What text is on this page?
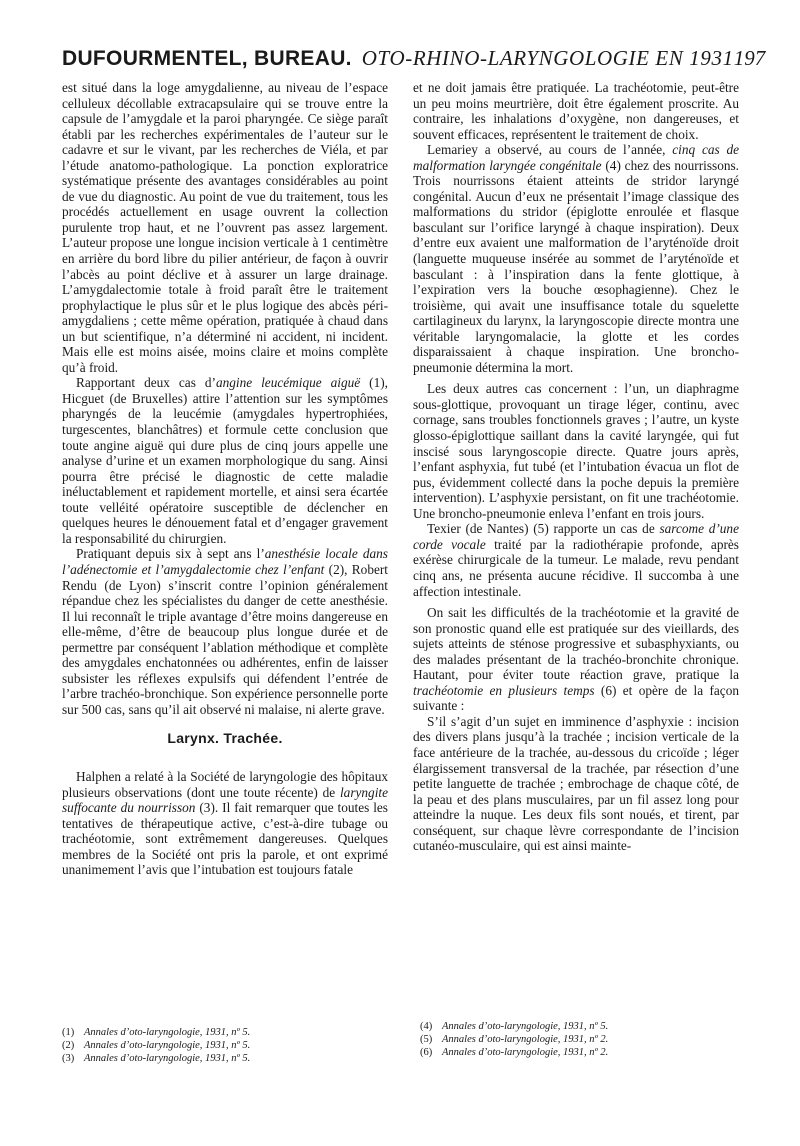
DUFOURMENTEL, BUREAU. OTO-RHINO-LARYNGOLOGIE EN 1931 197

est situé dans la loge amygdalienne, au niveau de l’espace celluleux décollable extracapsulaire qui se trouve entre la capsule de l’amygdale et la paroi pharyngée. Ce siège paraît établi par les recherches expérimentales de l’auteur sur le cadavre et sur le vivant, par les recherches de Viéla, et par l’étude anatomo-pathologique. La ponction exploratrice systématique présente des avantages considérables au point de vue du diagnostic. Au point de vue du traitement, tous les procédés actuellement en usage ouvrent la collection purulente trop haut, et ne l’ouvrent pas assez largement. L’auteur propose une longue incision verticale à 1 centimètre en arrière du bord libre du pilier antérieur, de façon à ouvrir l’abcès au point déclive et à assurer un large drainage. L’amygdalectomie totale à froid paraît être le traitement prophylactique le plus sûr et le plus logique des abcès péri-amygdaliens ; cette même opération, pratiquée à chaud dans un but scientifique, n’a déterminé ni accident, ni incident. Mais elle est moins aisée, moins claire et moins complète qu’à froid.

Rapportant deux cas d’angine leucémique aiguë (1), Hicguet (de Bruxelles) attire l’attention sur les symptômes pharyngés de la leucémie (amygdales hypertrophiées, turgescentes, blanchâtres) et formule cette conclusion que toute angine aiguë qui dure plus de cinq jours appelle une analyse d’urine et un examen morphologique du sang. Ainsi pourra être précisé le diagnostic de cette maladie inéluctablement et rapidement mortelle, et ainsi sera écartée toute velléité opératoire susceptible de déclencher en quelques heures le dénouement fatal et d’engager gravement la responsabilité du chirurgien.

Pratiquant depuis six à sept ans l’anesthésie locale dans l’adénectomie et l’amygdalectomie chez l’enfant (2), Robert Rendu (de Lyon) s’inscrit contre l’opinion généralement répandue chez les spécialistes du danger de cette anesthésie. Il lui reconnaît le triple avantage d’être moins dangereuse en elle-même, d’être de beaucoup plus longue durée et de permettre par conséquent l’ablation méthodique et complète des amygdales enchatonnées ou adhérentes, enfin de laisser subsister les réflexes expulsifs qui défendent l’entrée de l’arbre trachéo-bronchique. Son expérience personnelle porte sur 500 cas, sans qu’il ait observé ni malaise, ni alerte grave.

Larynx. Trachée.

Halphen a relaté à la Société de laryngologie des hôpitaux plusieurs observations (dont une toute récente) de laryngite suffocante du nourrisson (3). Il fait remarquer que toutes les tentatives de thérapeutique active, c’est-à-dire tubage ou trachéotomie, sont extrêmement dangereuses. Quelques membres de la Société ont pris la parole, et ont exprimé unanimement l’avis que l’intubation est toujours fatale

et ne doit jamais être pratiquée. La trachéotomie, peut-être un peu moins meurtrière, doit être également proscrite. Au contraire, les inhalations d’oxygène, non dangereuses, et souvent efficaces, représentent le traitement de choix.

Lemariey a observé, au cours de l’année, cinq cas de malformation laryngée congénitale (4) chez des nourrissons. Trois nourrissons étaient atteints de stridor laryngé congénital. Aucun d’eux ne présentait l’image classique des malformations du stridor (épiglotte enroulée et flasque basculant sur l’orifice laryngé à chaque inspiration). Deux d’entre eux avaient une malformation de l’aryténoïde droit (languette muqueuse insérée au sommet de l’aryténoïde et basculant : à l’inspiration dans la fente glottique, à l’expiration vers la bouche œsophagienne). Chez le troisième, qui avait une insuffisance totale du squelette cartilagineux du larynx, la laryngoscopie directe montra une véritable laryngomalacie, la glotte et les cordes disparaissaient à chaque inspiration. Une broncho-pneumonie détermina la mort.

Les deux autres cas concernent : l’un, un diaphragme sous-glottique, provoquant un tirage léger, continu, avec cornage, sans troubles fonctionnels graves ; l’autre, un kyste glosso-épiglottique saillant dans la cavité laryngée, qui fut inscisé sous laryngoscopie directe. Quatre jours après, l’enfant asphyxia, fut tubé (et l’intubation évacua un flot de pus, évidemment collecté dans la poche depuis la première intervention). L’asphyxie persistant, on fit une trachéotomie. Une broncho-pneumonie enleva l’enfant en trois jours.

Texier (de Nantes) (5) rapporte un cas de sarcome d’une corde vocale traité par la radiothérapie profonde, après exérèse chirurgicale de la tumeur. Le malade, revu pendant cinq ans, ne présenta aucune récidive. Il succomba à une affection intestinale.

On sait les difficultés de la trachéotomie et la gravité de son pronostic quand elle est pratiquée sur des vieillards, des sujets atteints de sténose progressive et subasphyxiants, ou des malades présentant de la trachéo-bronchite chronique. Hautant, pour éviter toute réaction grave, pratique la trachéotomie en plusieurs temps (6) et opère de la façon suivante :

S’il s’agit d’un sujet en imminence d’asphyxie : incision des divers plans jusqu’à la trachée ; incision verticale de la face antérieure de la trachée, au-dessous du cricoïde ; léger élargissement transversal de la trachée, par résection d’une petite languette de trachée ; embrochage de chaque côté, de la peau et des plans musculaires, par un fil assez long pour atteindre la nuque. Les deux fils sont noués, et tirent, par conséquent, sur chaque lèvre correspondante de l’incision cutanéo-musculaire, qui est ainsi mainte-

(1) Annales d’oto-laryngologie, 1931, nº 5.
(2) Annales d’oto-laryngologie, 1931, nº 5.
(3) Annales d’oto-laryngologie, 1931, nº 5.
(4) Annales d’oto-laryngologie, 1931, nº 5.
(5) Annales d’oto-laryngologie, 1931, nº 2.
(6) Annales d’oto-laryngologie, 1931, nº 2.
